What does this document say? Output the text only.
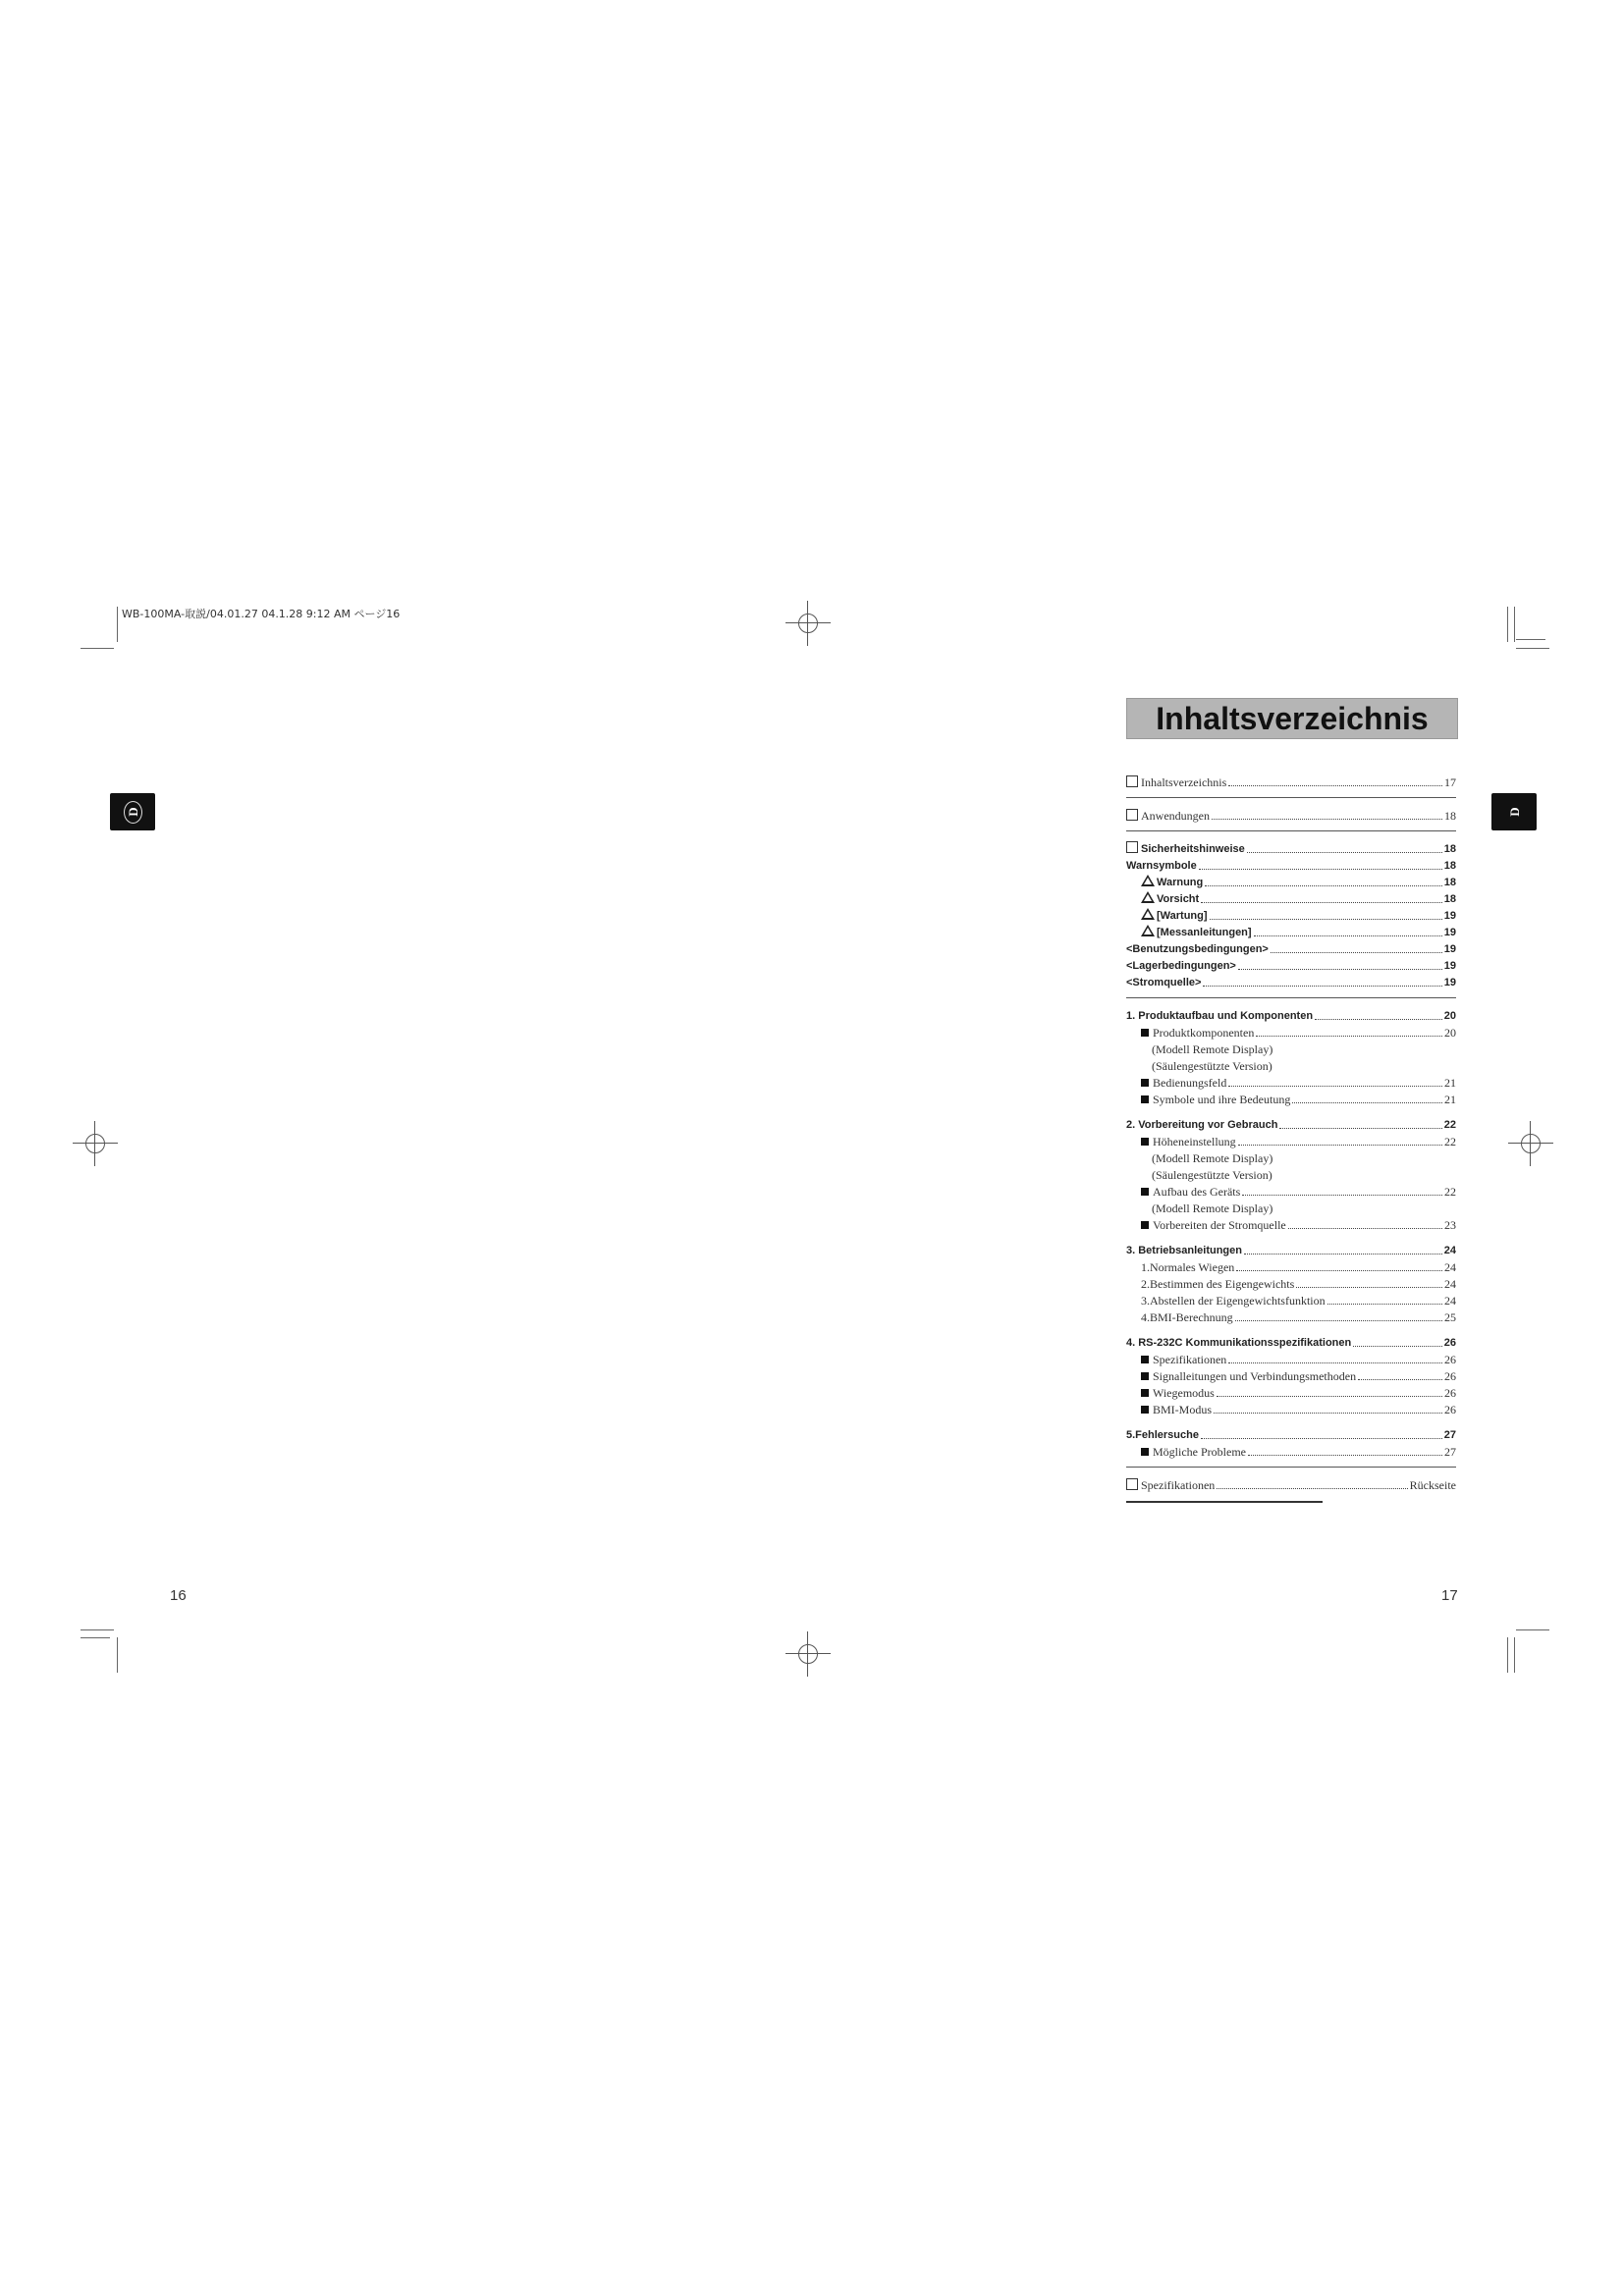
WB-100MA-取説/04.01.27 04.1.28 9:12 AM ページ16
D	D
16	17
Inhaltsverzeichnis
Inhaltsverzeichnis	17
Anwendungen	18
Sicherheitshinweise	18
Warnsymbole	18
Warnung	18
Vorsicht	18
[Wartung]	19
[Messanleitungen]	19
<Benutzungsbedingungen>	19
<Lagerbedingungen>	19
<Stromquelle>	19
1. Produktaufbau und Komponenten	20
Produktkomponenten	20
(Modell Remote Display)
(Säulengestützte Version)
Bedienungsfeld	21
Symbole und ihre Bedeutung	21
2. Vorbereitung vor Gebrauch	22
Höheneinstellung	22
(Modell Remote Display)
(Säulengestützte Version)
Aufbau des Geräts	22
(Modell Remote Display)
Vorbereiten der Stromquelle	23
3. Betriebsanleitungen	24
1.Normales Wiegen	24
2.Bestimmen des Eigengewichts	24
3.Abstellen der Eigengewichtsfunktion	24
4.BMI-Berechnung	25
4. RS-232C Kommunikationsspezifikationen	26
Spezifikationen	26
Signalleitungen und Verbindungsmethoden	26
Wiegemodus	26
BMI-Modus	26
5.Fehlersuche	27
Mögliche Probleme	27
Spezifikationen	Rückseite
